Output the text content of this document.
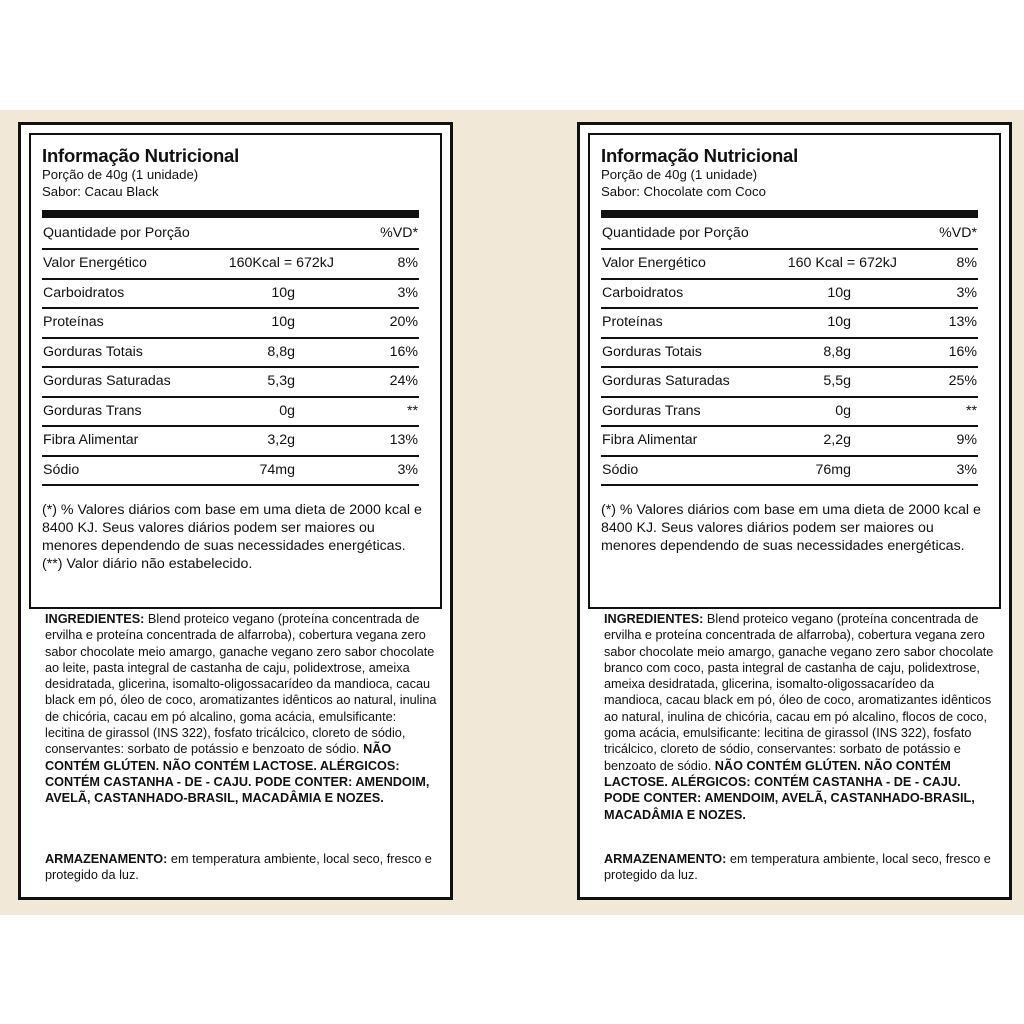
Informação Nutricional
Porção de 40g (1 unidade)
Sabor: Cacau Black
Quantidade por Porção	%VD*
Valor Energético	160Kcal = 672kJ	8%
Carboidratos	10g	3%
Proteínas	10g	20%
Gorduras Totais	8,8g	16%
Gorduras Saturadas	5,3g	24%
Gorduras Trans	0g	**
Fibra Alimentar	3,2g	13%
Sódio	74mg	3%
(*) % Valores diários com base em uma dieta de 2000 kcal e 8400 KJ. Seus valores diários podem ser maiores ou menores dependendo de suas necessidades energéticas. (**) Valor diário não estabelecido.
INGREDIENTES: Blend proteico vegano (proteína concentrada de ervilha e proteína concentrada de alfarroba), cobertura vegana zero sabor chocolate meio amargo, ganache vegano zero sabor chocolate ao leite, pasta integral de castanha de caju, polidextrose, ameixa desidratada, glicerina, isomalto-oligossacarídeo da mandioca, cacau black em pó, óleo de coco, aromatizantes idênticos ao natural, inulina de chicória, cacau em pó alcalino, goma acácia, emulsificante: lecitina de girassol (INS 322), fosfato tricálcico, cloreto de sódio, conservantes: sorbato de potássio e benzoato de sódio. NÃO CONTÉM GLÚTEN. NÃO CONTÉM LACTOSE. ALÉRGICOS: CONTÉM CASTANHA - DE - CAJU. PODE CONTER: AMENDOIM, AVELÃ, CASTANHADO-BRASIL, MACADÂMIA E NOZES.
ARMAZENAMENTO: em temperatura ambiente, local seco, fresco e protegido da luz.
Informação Nutricional
Porção de 40g (1 unidade)
Sabor: Chocolate com Coco
Quantidade por Porção	%VD*
Valor Energético	160 Kcal = 672kJ	8%
Carboidratos	10g	3%
Proteínas	10g	13%
Gorduras Totais	8,8g	16%
Gorduras Saturadas	5,5g	25%
Gorduras Trans	0g	**
Fibra Alimentar	2,2g	9%
Sódio	76mg	3%
(*) % Valores diários com base em uma dieta de 2000 kcal e 8400 KJ. Seus valores diários podem ser maiores ou menores dependendo de suas necessidades energéticas.
INGREDIENTES: Blend proteico vegano (proteína concentrada de ervilha e proteína concentrada de alfarroba), cobertura vegana zero sabor chocolate meio amargo, ganache vegano zero sabor chocolate branco com coco, pasta integral de castanha de caju, polidextrose, ameixa desidratada, glicerina, isomalto-oligossacarídeo da mandioca, cacau black em pó, óleo de coco, aromatizantes idênticos ao natural, inulina de chicória, cacau em pó alcalino, flocos de coco, goma acácia, emulsificante: lecitina de girassol (INS 322), fosfato tricálcico, cloreto de sódio, conservantes: sorbato de potássio e benzoato de sódio. NÃO CONTÉM GLÚTEN. NÃO CONTÉM LACTOSE. ALÉRGICOS: CONTÉM CASTANHA - DE - CAJU. PODE CONTER: AMENDOIM, AVELÃ, CASTANHADO-BRASIL, MACADÂMIA E NOZES.
ARMAZENAMENTO: em temperatura ambiente, local seco, fresco e protegido da luz.
